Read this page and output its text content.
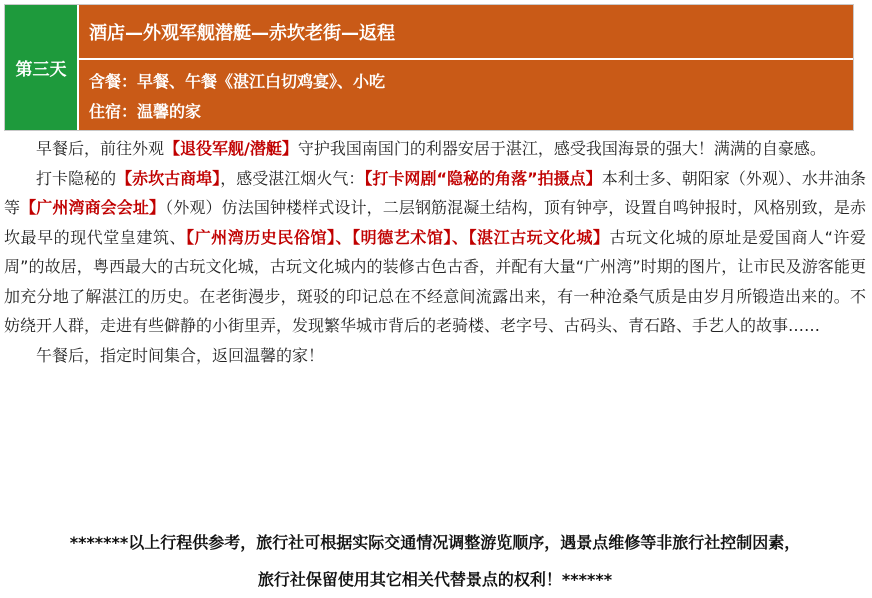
第三天
酒店—外观军舰潜艇—赤坎老街—返程
含餐：早餐、午餐《湛江白切鸡宴》、小吃
住宿：温馨的家

早餐后，前往外观【退役军舰/潜艇】守护我国南国门的利器安居于湛江，感受我国海景的强大！满满的自豪感。

打卡隐秘的【赤坎古商埠】，感受湛江烟火气：【打卡网剧“隐秘的角落”拍摄点】本利士多、朝阳家（外观）、水井油条等【广州湾商会会址】（外观）仿法国钟楼样式设计，二层钢筋混凝土结构，顶有钟亭，设置自鸣钟报时，风格别致，是赤坎最早的现代堂皇建筑、【广州湾历史民俗馆】、【明德艺术馆】、【湛江古玩文化城】古玩文化城的原址是爱国商人“许爱周”的故居，粤西最大的古玩文化城，古玩文化城内的装修古色古香，并配有大量“广州湾”时期的图片，让市民及游客能更加充分地了解湛江的历史。在老街漫步，斑驳的印记总在不经意间流露出来，有一种沧桑气质是由岁月所锻造出来的。不妨绕开人群，走进有些僻静的小街里弄，发现繁华城市背后的老骑楼、老字号、古码头、青石路、手艺人的故事……

午餐后，指定时间集合，返回温馨的家！

*******以上行程供参考，旅行社可根据实际交通情况调整游览顺序，遇景点维修等非旅行社控制因素，
旅行社保留使用其它相关代替景点的权利！******
